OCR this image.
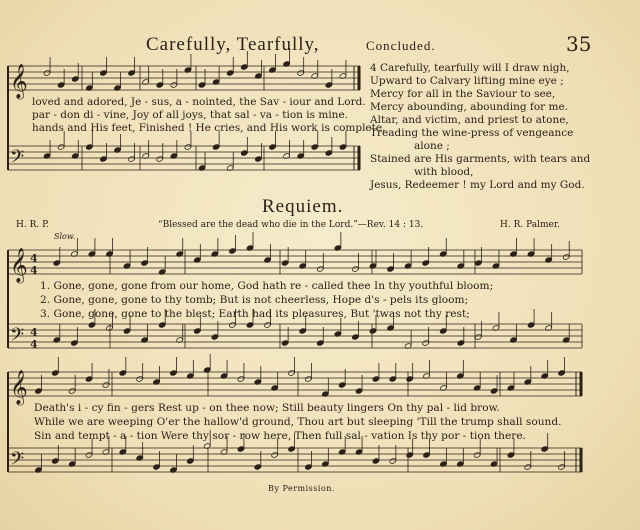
𝄞
𝄢
𝄞
𝄢
𝄞
𝄢
4
4
4
4
Carefully, Tearfully,	Concluded.	35
loved and adored, Je - sus, a - nointed, the Sav - iour and Lord.
par - don di - vine, Joy of all joys, that sal - va - tion is mine.
hands and His feet, Finished ! He cries, and His work is complete.
4 Carefully, tearfully will I draw nigh,
Upward to Calvary lifting mine eye ;
Mercy for all in the Saviour to see,
Mercy abounding, abounding for me.
Altar, and victim, and priest to atone,
Treading the wine-press of vengeance
alone ;
Stained are His garments, with tears and
with blood,
Jesus, Redeemer ! my Lord and my God.
Requiem.
H. R. P.	“Blessed are the dead who die in the Lord.”—Rev. 14 : 13.	H. R. Palmer.
Slow.
1. Gone, gone, gone from our home, God hath re - called thee In thy youthful bloom;
2. Gone, gone, gone to thy tomb; But is not cheerless, Hope d's - pels its gloom;
3. Gone, gone, gone to the blest; Earth had its pleasures, But 'twas not thy rest;
Death's i - cy fin - gers Rest up - on thee now; Still beauty lingers On thy pal - lid brow.
While we are weeping O'er the hallow'd ground, Thou art but sleeping 'Till the trump shall sound.
Sin and tempt - a - tion Were thy sor - row here, Then full sal - vation Is thy por - tion there.
By Permission.
